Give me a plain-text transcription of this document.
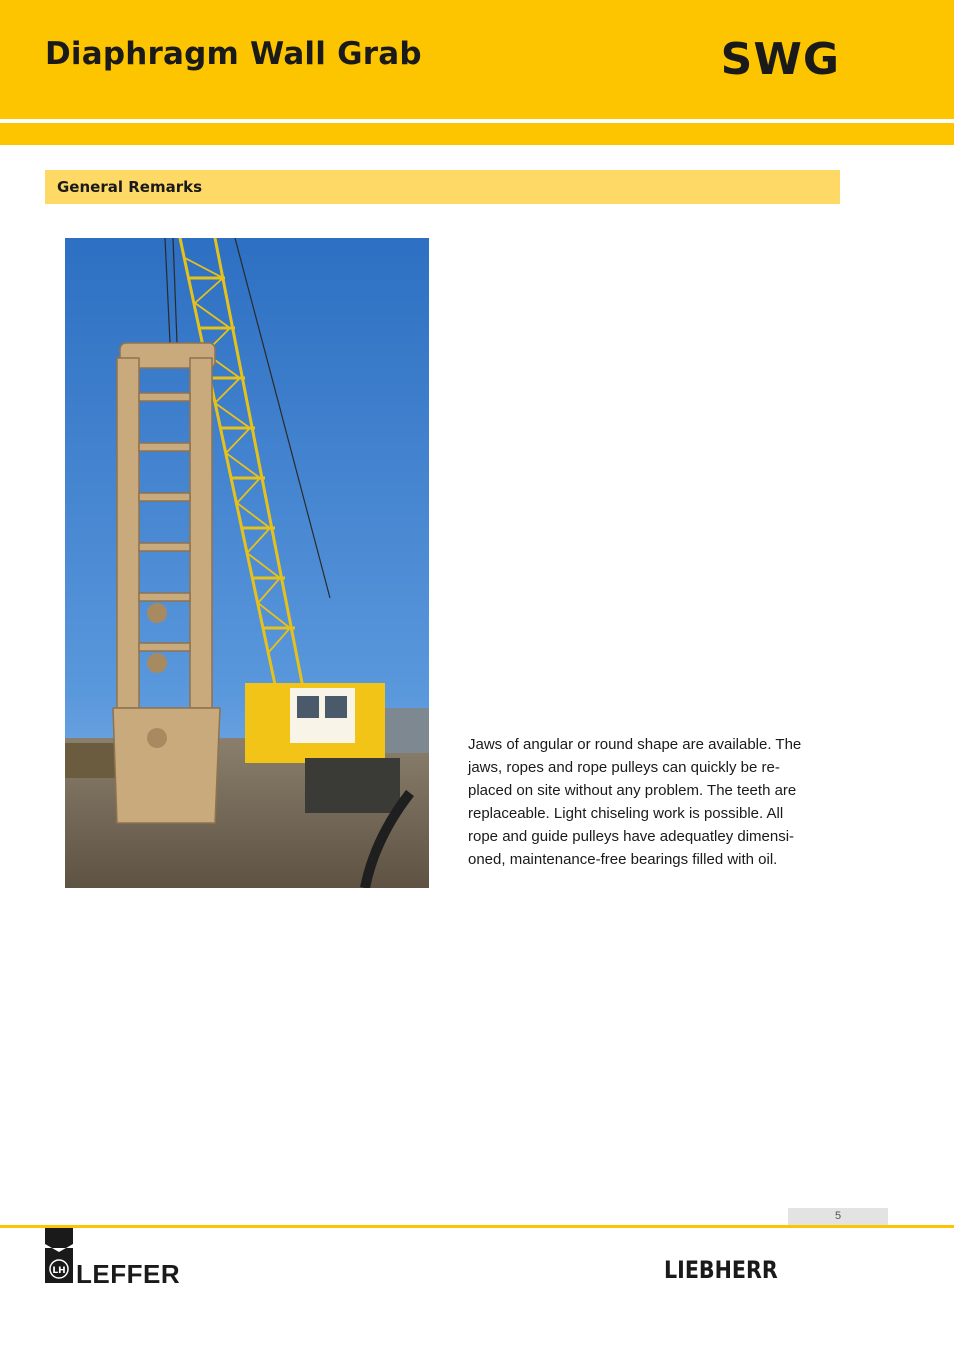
Diaphragm Wall Grab	SWG
General Remarks
Jaws of angular or round shape are available. The
jaws, ropes and rope pulleys can quickly be re-
placed on site without any problem. The teeth are
replaceable. Light chiseling work is possible. All
rope and guide pulleys have adequatley dimensi-
oned, maintenance-free bearings filled with oil.
5
LH LEFFER	LIEBHERR
